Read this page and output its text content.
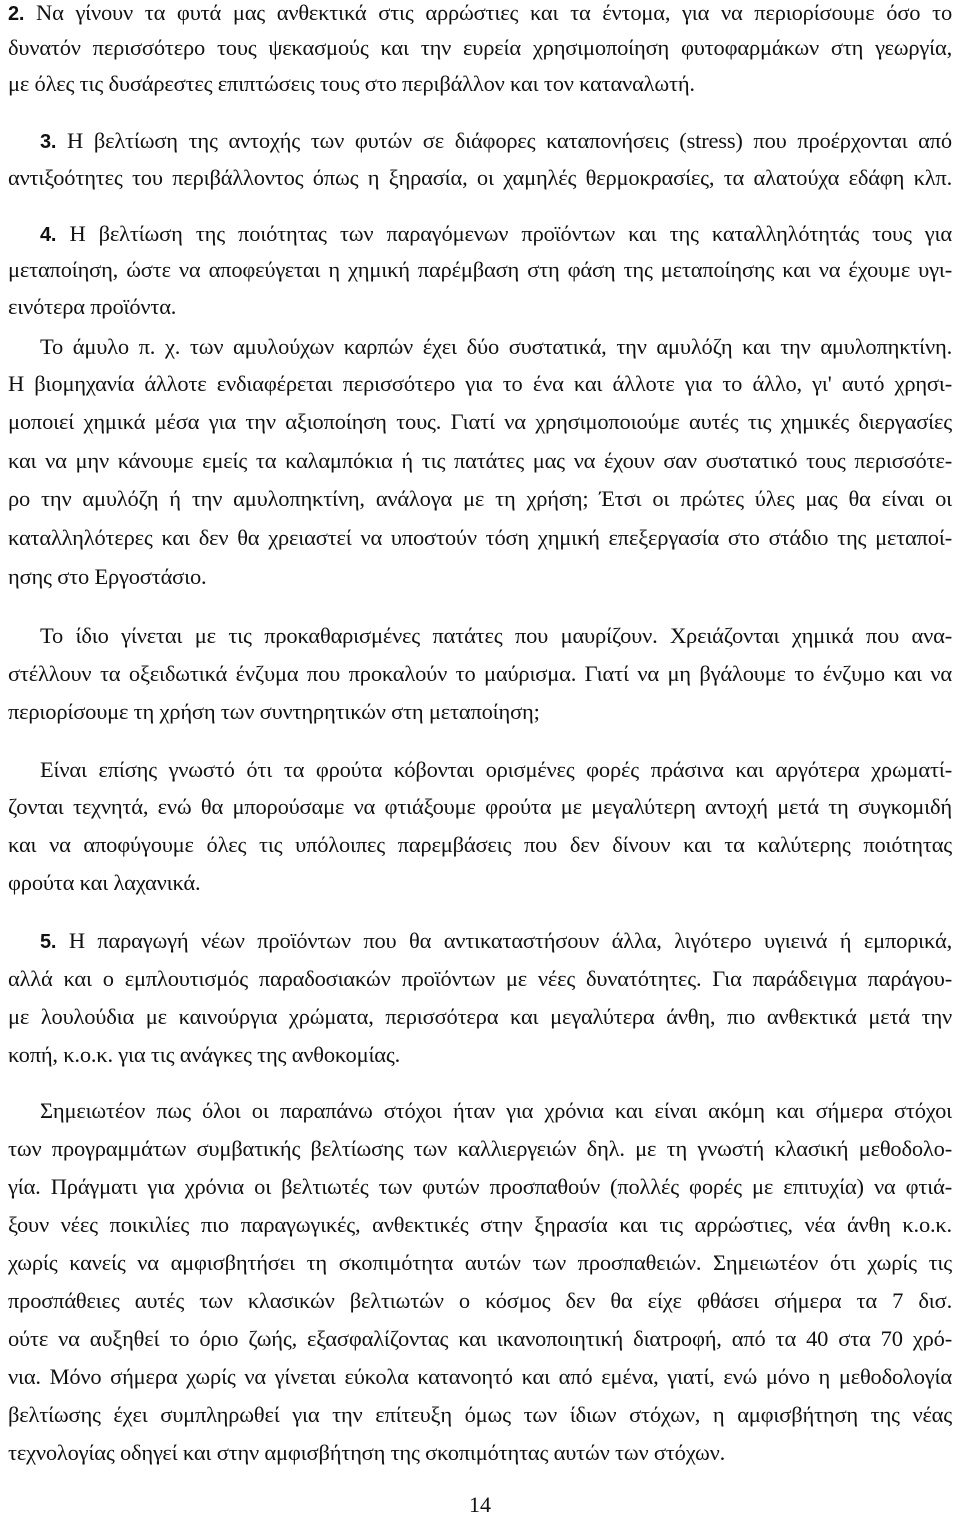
2. Να γίνουν τα φυτά μας ανθεκτικά στις αρρώστιες και τα έντομα, για να περιορίσουμε όσο το
δυνατόν περισσότερο τους ψεκασμούς και την ευρεία χρησιμοποίηση φυτοφαρμάκων στη γεωργία,
με όλες τις δυσάρεστες επιπτώσεις τους στο περιβάλλον και τον καταναλωτή.
3. Η βελτίωση της αντοχής των φυτών σε διάφορες καταπονήσεις (stress) που προέρχονται από
αντιξοότητες του περιβάλλοντος όπως η ξηρασία, οι χαμηλές θερμοκρασίες, τα αλατούχα εδάφη κλπ.
4. Η βελτίωση της ποιότητας των παραγόμενων προϊόντων και της καταλληλότητάς τους για
μεταποίηση, ώστε να αποφεύγεται η χημική παρέμβαση στη φάση της μεταποίησης και να έχουμε υγι-
εινότερα προϊόντα.
Το άμυλο π. χ. των αμυλούχων καρπών έχει δύο συστατικά, την αμυλόζη και την αμυλοπηκτίνη.
Η βιομηχανία άλλοτε ενδιαφέρεται περισσότερο για το ένα και άλλοτε για το άλλο, γι' αυτό χρησι-
μοποιεί χημικά μέσα για την αξιοποίηση τους. Γιατί να χρησιμοποιούμε αυτές τις χημικές διεργασίες
και να μην κάνουμε εμείς τα καλαμπόκια ή τις πατάτες μας να έχουν σαν συστατικό τους περισσότε-
ρο την αμυλόζη ή την αμυλοπηκτίνη, ανάλογα με τη χρήση; Έτσι οι πρώτες ύλες μας θα είναι οι
καταλληλότερες και δεν θα χρειαστεί να υποστούν τόση χημική επεξεργασία στο στάδιο της μεταποί-
ησης στο Εργοστάσιο.
Το ίδιο γίνεται με τις προκαθαρισμένες πατάτες που μαυρίζουν. Χρειάζονται χημικά που ανα-
στέλλουν τα οξειδωτικά ένζυμα που προκαλούν το μαύρισμα. Γιατί να μη βγάλουμε το ένζυμο και να
περιορίσουμε τη χρήση των συντηρητικών στη μεταποίηση;
Είναι επίσης γνωστό ότι τα φρούτα κόβονται ορισμένες φορές πράσινα και αργότερα χρωματί-
ζονται τεχνητά, ενώ θα μπορούσαμε να φτιάξουμε φρούτα με μεγαλύτερη αντοχή μετά τη συγκομιδή
και να αποφύγουμε όλες τις υπόλοιπες παρεμβάσεις που δεν δίνουν και τα καλύτερης ποιότητας
φρούτα και λαχανικά.
5. Η παραγωγή νέων προϊόντων που θα αντικαταστήσουν άλλα, λιγότερο υγιεινά ή εμπορικά,
αλλά και ο εμπλουτισμός παραδοσιακών προϊόντων με νέες δυνατότητες. Για παράδειγμα παράγου-
με λουλούδια με καινούργια χρώματα, περισσότερα και μεγαλύτερα άνθη, πιο ανθεκτικά μετά την
κοπή, κ.ο.κ. για τις ανάγκες της ανθοκομίας.
Σημειωτέον πως όλοι οι παραπάνω στόχοι ήταν για χρόνια και είναι ακόμη και σήμερα στόχοι
των προγραμμάτων συμβατικής βελτίωσης των καλλιεργειών δηλ. με τη γνωστή κλασική μεθοδολο-
γία. Πράγματι για χρόνια οι βελτιωτές των φυτών προσπαθούν (πολλές φορές με επιτυχία) να φτιά-
ξουν νέες ποικιλίες πιο παραγωγικές, ανθεκτικές στην ξηρασία και τις αρρώστιες, νέα άνθη κ.ο.κ.
χωρίς κανείς να αμφισβητήσει τη σκοπιμότητα αυτών των προσπαθειών. Σημειωτέον ότι χωρίς τις
προσπάθειες αυτές των κλασικών βελτιωτών ο κόσμος δεν θα είχε φθάσει σήμερα τα 7 δισ.
ούτε να αυξηθεί το όριο ζωής, εξασφαλίζοντας και ικανοποιητική διατροφή, από τα 40 στα 70 χρό-
νια. Μόνο σήμερα χωρίς να γίνεται εύκολα κατανοητό και από εμένα, γιατί, ενώ μόνο η μεθοδολογία
βελτίωσης έχει συμπληρωθεί για την επίτευξη όμως των ίδιων στόχων, η αμφισβήτηση της νέας
τεχνολογίας οδηγεί και στην αμφισβήτηση της σκοπιμότητας αυτών των στόχων.
14
